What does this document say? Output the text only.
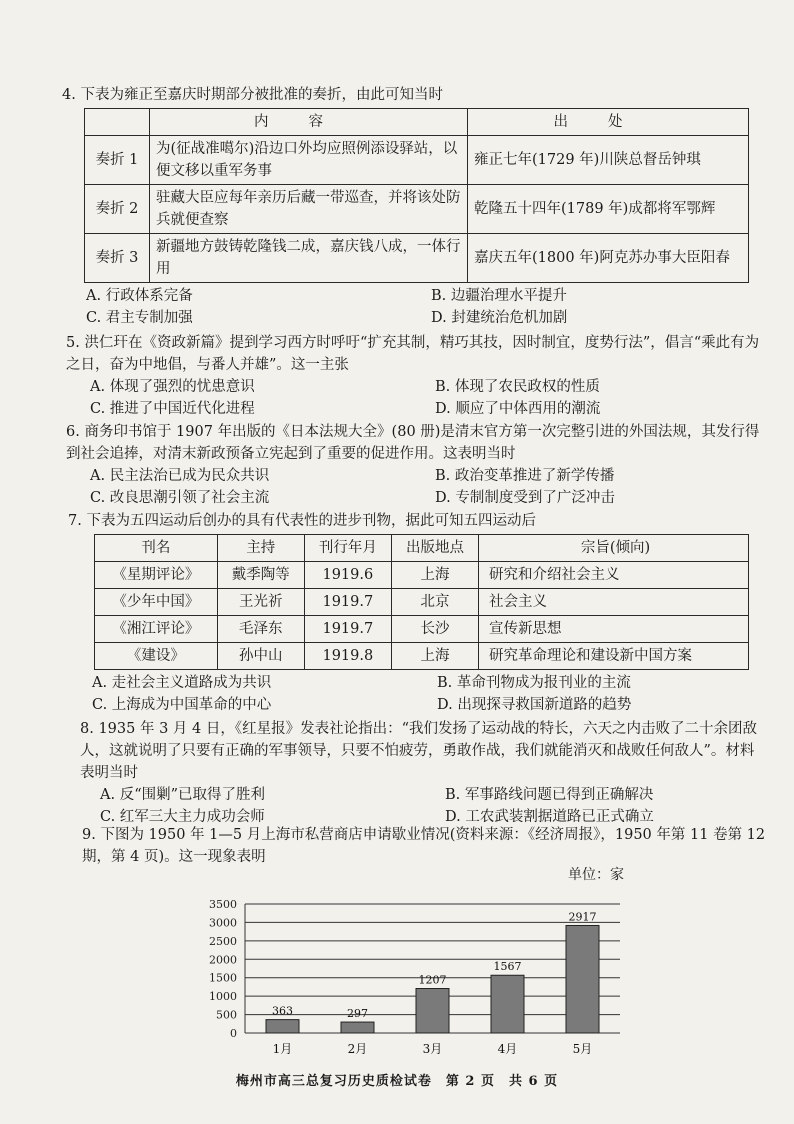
4. 下表为雍正至嘉庆时期部分被批准的奏折，由此可知当时
	内容	出处
奏折 1	为(征战准噶尔)沿边口外均应照例添设驿站，以便文移以重军务事	雍正七年(1729 年)川陕总督岳钟琪
奏折 2	驻藏大臣应每年亲历后藏一带巡查，并将该处防兵就便查察	乾隆五十四年(1789 年)成都将军鄂辉
奏折 3	新疆地方鼓铸乾隆钱二成，嘉庆钱八成，一体行用	嘉庆五年(1800 年)阿克苏办事大臣阳春
A. 行政体系完备	B. 边疆治理水平提升
C. 君主专制加强	D. 封建统治危机加剧
5. 洪仁玕在《资政新篇》提到学习西方时呼吁“扩充其制，精巧其技，因时制宜，度势行法”，倡言“乘此有为之日，奋为中地倡，与番人并雄”。这一主张
A. 体现了强烈的忧患意识	B. 体现了农民政权的性质
C. 推进了中国近代化进程	D. 顺应了中体西用的潮流
6. 商务印书馆于 1907 年出版的《日本法规大全》(80 册)是清末官方第一次完整引进的外国法规，其发行得到社会追捧，对清末新政预备立宪起到了重要的促进作用。这表明当时
A. 民主法治已成为民众共识	B. 政治变革推进了新学传播
C. 改良思潮引领了社会主流	D. 专制制度受到了广泛冲击
7. 下表为五四运动后创办的具有代表性的进步刊物，据此可知五四运动后
刊名	主持	刊行年月	出版地点	宗旨(倾向)
《星期评论》	戴季陶等	1919.6	上海	研究和介绍社会主义
《少年中国》	王光祈	1919.7	北京	社会主义
《湘江评论》	毛泽东	1919.7	长沙	宣传新思想
《建设》	孙中山	1919.8	上海	研究革命理论和建设新中国方案
A. 走社会主义道路成为共识	B. 革命刊物成为报刊业的主流
C. 上海成为中国革命的中心	D. 出现探寻救国新道路的趋势
8. 1935 年 3 月 4 日，《红星报》发表社论指出：“我们发扬了运动战的特长，六天之内击败了二十余团敌人，这就说明了只要有正确的军事领导，只要不怕疲劳，勇敢作战，我们就能消灭和战败任何敌人”。材料表明当时
A. 反“围剿”已取得了胜利	B. 军事路线问题已得到正确解决
C. 红军三大主力成功会师	D. 工农武装割据道路已正式确立
9. 下图为 1950 年 1—5 月上海市私营商店申请歇业情况(资料来源：《经济周报》，1950 年第 11 卷第 12 期，第 4 页)。这一现象表明
单位：家
0
500
1000
1500
2000
2500
3000
3500
363
1月
297
2月
1207
3月
1567
4月
2917
5月
梅州市高三总复习历史质检试卷　第 2 页　共 6 页
